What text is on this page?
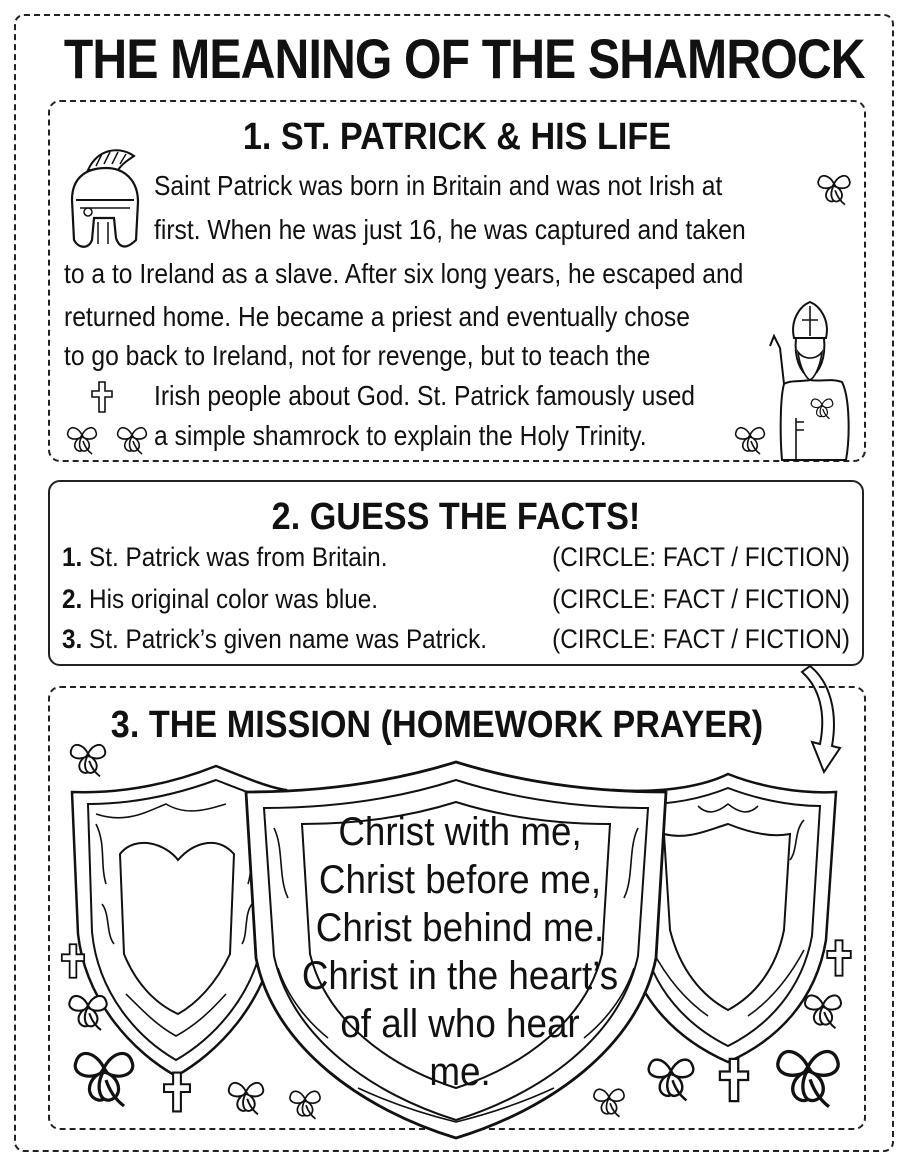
THE MEANING OF THE SHAMROCK
1. ST. PATRICK & HIS LIFE
Saint Patrick was born in Britain and was not Irish at
first. When he was just 16, he was captured and taken
to a to Ireland as a slave. After six long years, he escaped and
returned home. He became a priest and eventually chose
to go back to Ireland, not for revenge, but to teach the
Irish people about God. St. Patrick famously used
a simple shamrock to explain the Holy Trinity.
2. GUESS THE FACTS!
1. St. Patrick was from Britain.	(CIRCLE: FACT / FICTION)
2. His original color was blue.	(CIRCLE: FACT / FICTION)
3. St. Patrick’s given name was Patrick. (CIRCLE: FACT / FICTION)
3. THE MISSION (HOMEWORK PRAYER)
Christ with me,
Christ before me,
Christ behind me.
Christ in the heart’s
of all who hear
me.
